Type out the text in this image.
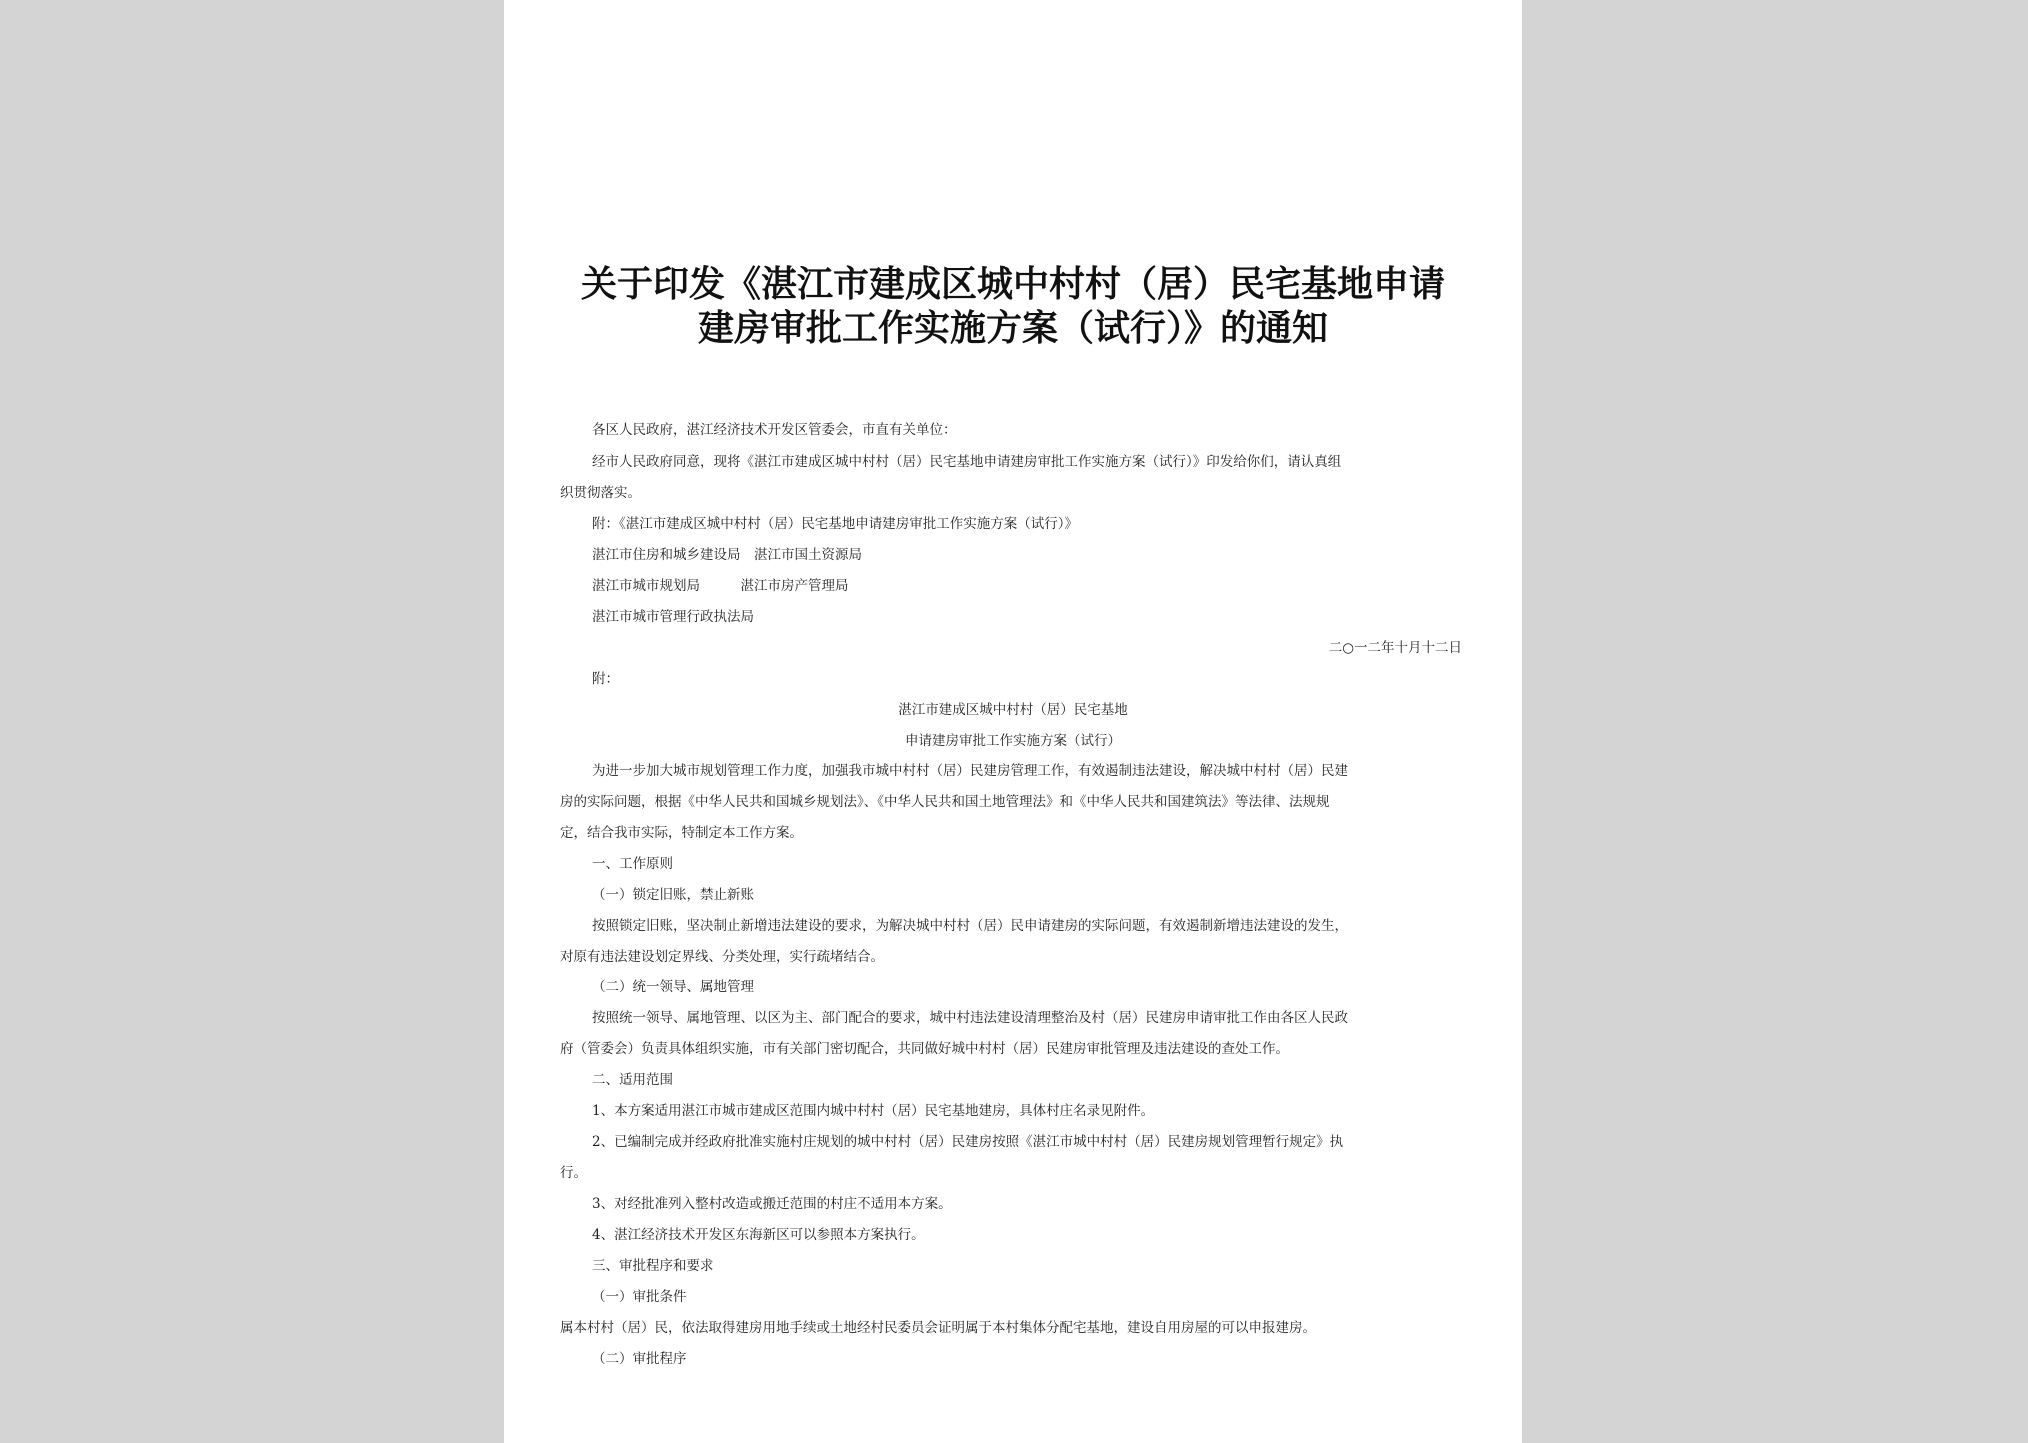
关于印发《湛江市建成区城中村村（居）民宅基地申请
建房审批工作实施方案（试行）》的通知
各区人民政府，湛江经济技术开发区管委会，市直有关单位：
经市人民政府同意，现将《湛江市建成区城中村村（居）民宅基地申请建房审批工作实施方案（试行）》印发给你们，请认真组
织贯彻落实。
附：《湛江市建成区城中村村（居）民宅基地申请建房审批工作实施方案（试行）》
湛江市住房和城乡建设局　湛江市国土资源局
湛江市城市规划局　　　湛江市房产管理局
湛江市城市管理行政执法局
二○一二年十月十二日
附：
湛江市建成区城中村村（居）民宅基地
申请建房审批工作实施方案（试行）
为进一步加大城市规划管理工作力度，加强我市城中村村（居）民建房管理工作，有效遏制违法建设，解决城中村村（居）民建
房的实际问题，根据《中华人民共和国城乡规划法》、《中华人民共和国土地管理法》和《中华人民共和国建筑法》等法律、法规规
定，结合我市实际，特制定本工作方案。
一、工作原则
（一）锁定旧账，禁止新账
按照锁定旧账，坚决制止新增违法建设的要求，为解决城中村村（居）民申请建房的实际问题，有效遏制新增违法建设的发生，
对原有违法建设划定界线、分类处理，实行疏堵结合。
（二）统一领导、属地管理
按照统一领导、属地管理、以区为主、部门配合的要求，城中村违法建设清理整治及村（居）民建房申请审批工作由各区人民政
府（管委会）负责具体组织实施，市有关部门密切配合，共同做好城中村村（居）民建房审批管理及违法建设的查处工作。
二、适用范围
1、本方案适用湛江市城市建成区范围内城中村村（居）民宅基地建房，具体村庄名录见附件。
2、已编制完成并经政府批准实施村庄规划的城中村村（居）民建房按照《湛江市城中村村（居）民建房规划管理暂行规定》执
行。
3、对经批准列入整村改造或搬迁范围的村庄不适用本方案。
4、湛江经济技术开发区东海新区可以参照本方案执行。
三、审批程序和要求
（一）审批条件
属本村村（居）民，依法取得建房用地手续或土地经村民委员会证明属于本村集体分配宅基地，建设自用房屋的可以申报建房。
（二）审批程序
